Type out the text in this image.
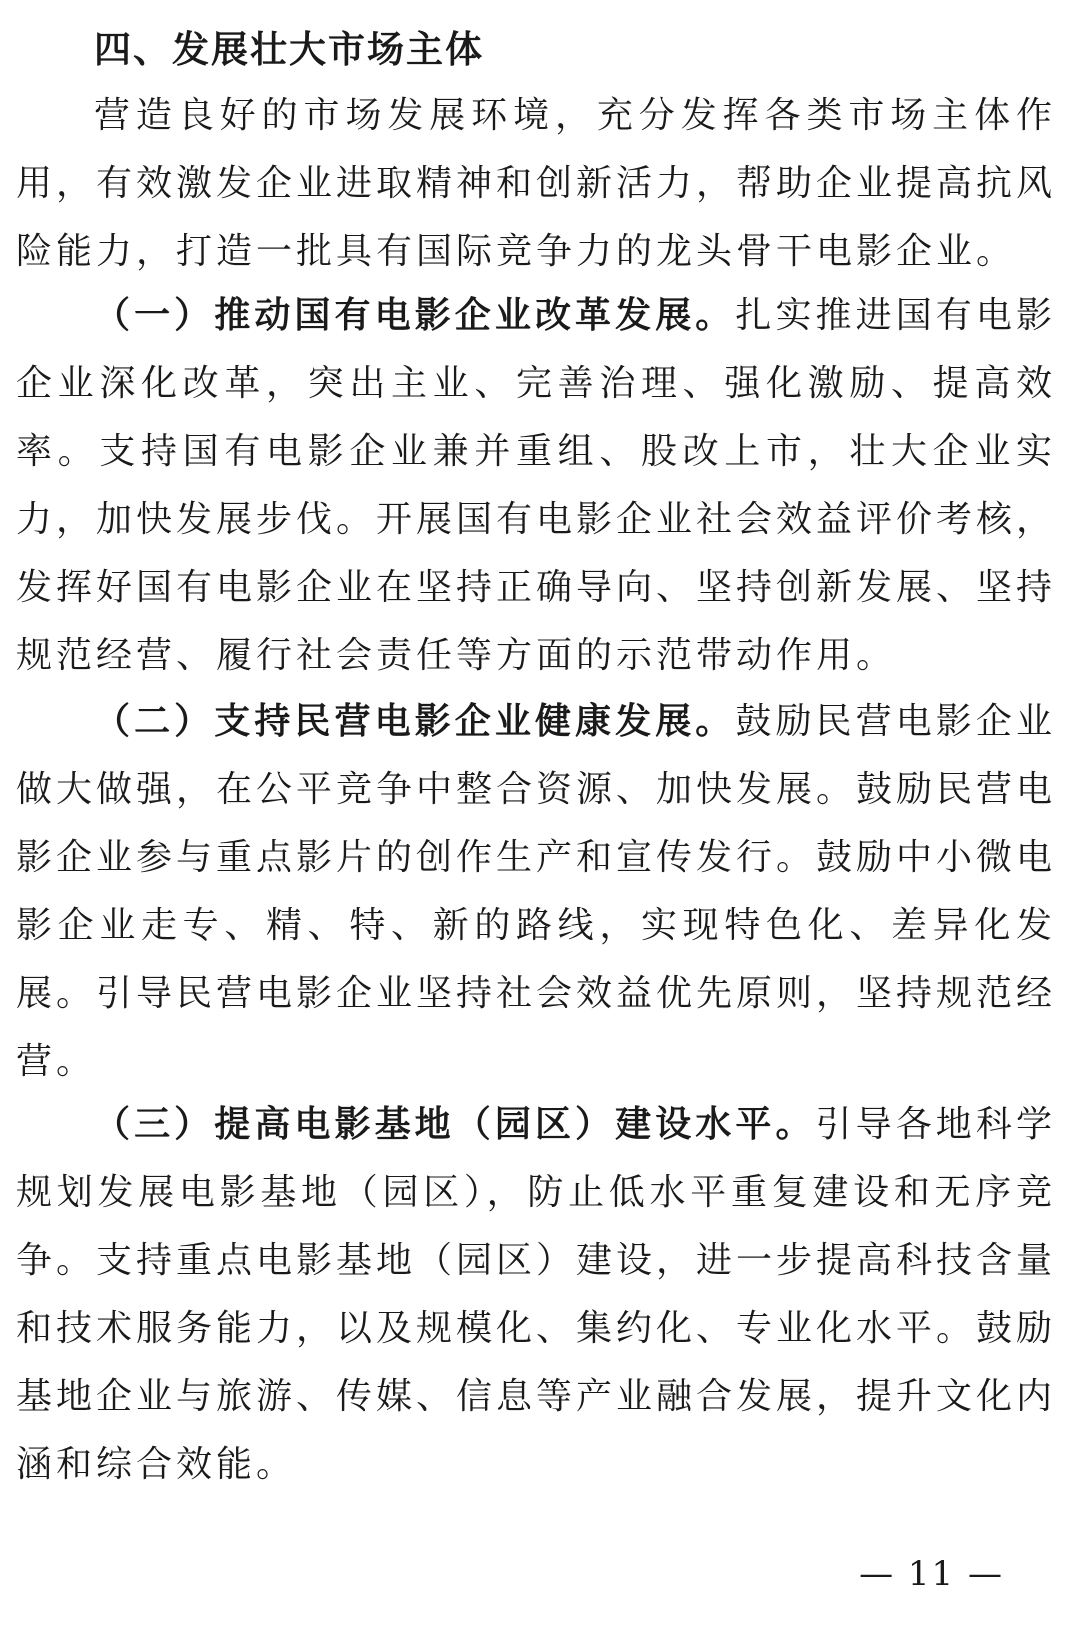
四、发展壮大市场主体

营造良好的市场发展环境，充分发挥各类市场主体作用，有效激发企业进取精神和创新活力，帮助企业提高抗风险能力，打造一批具有国际竞争力的龙头骨干电影企业。

（一）推动国有电影企业改革发展。扎实推进国有电影企业深化改革，突出主业、完善治理、强化激励、提高效率。支持国有电影企业兼并重组、股改上市，壮大企业实力，加快发展步伐。开展国有电影企业社会效益评价考核，发挥好国有电影企业在坚持正确导向、坚持创新发展、坚持规范经营、履行社会责任等方面的示范带动作用。

（二）支持民营电影企业健康发展。鼓励民营电影企业做大做强，在公平竞争中整合资源、加快发展。鼓励民营电影企业参与重点影片的创作生产和宣传发行。鼓励中小微电影企业走专、精、特、新的路线，实现特色化、差异化发展。引导民营电影企业坚持社会效益优先原则，坚持规范经营。

（三）提高电影基地（园区）建设水平。引导各地科学规划发展电影基地（园区），防止低水平重复建设和无序竞争。支持重点电影基地（园区）建设，进一步提高科技含量和技术服务能力，以及规模化、集约化、专业化水平。鼓励基地企业与旅游、传媒、信息等产业融合发展，提升文化内涵和综合效能。

— 11 —
